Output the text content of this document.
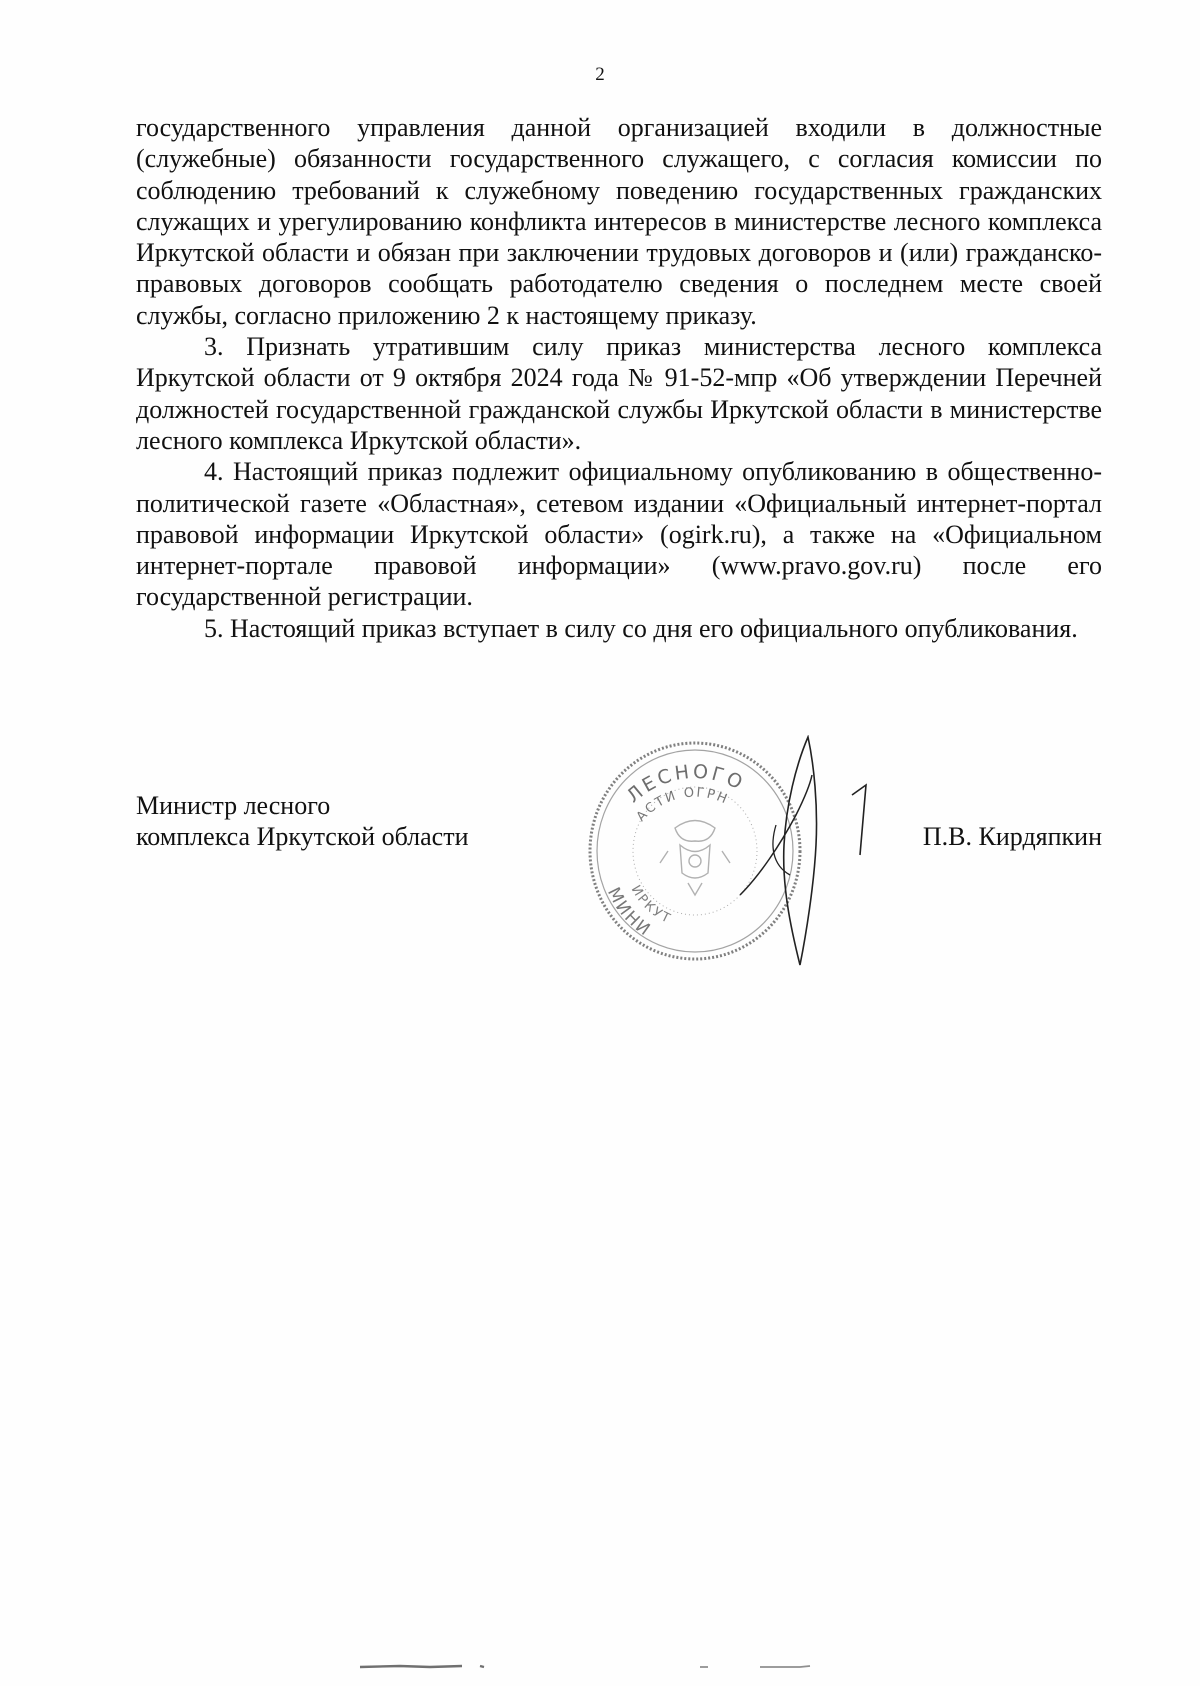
2

государственного управления данной организацией входили в должностные (служебные) обязанности государственного служащего, с согласия комиссии по соблюдению требований к служебному поведению государственных гражданских служащих и урегулированию конфликта интересов в министерстве лесного комплекса Иркутской области и обязан при заключении трудовых договоров и (или) гражданско-правовых договоров сообщать работодателю сведения о последнем месте своей службы, согласно приложению 2 к настоящему приказу.

3. Признать утратившим силу приказ министерства лесного комплекса Иркутской области от 9 октября 2024 года № 91-52-мпр «Об утверждении Перечней должностей государственной гражданской службы Иркутской области в министерстве лесного комплекса Иркутской области».

4. Настоящий приказ подлежит официальному опубликованию в общественно-политической газете «Областная», сетевом издании «Официальный интернет-портал правовой информации Иркутской области» (ogirk.ru), а также на «Официальном интернет-портале правовой информации» (www.pravo.gov.ru) после его государственной регистрации.

5. Настоящий приказ вступает в силу со дня его официального опубликования.

Министр лесного
комплекса Иркутской области
ЛЕСНОГО
АСТИ ОГРН
МИНИ
ИРКУТ
П.В. Кирдяпкин
